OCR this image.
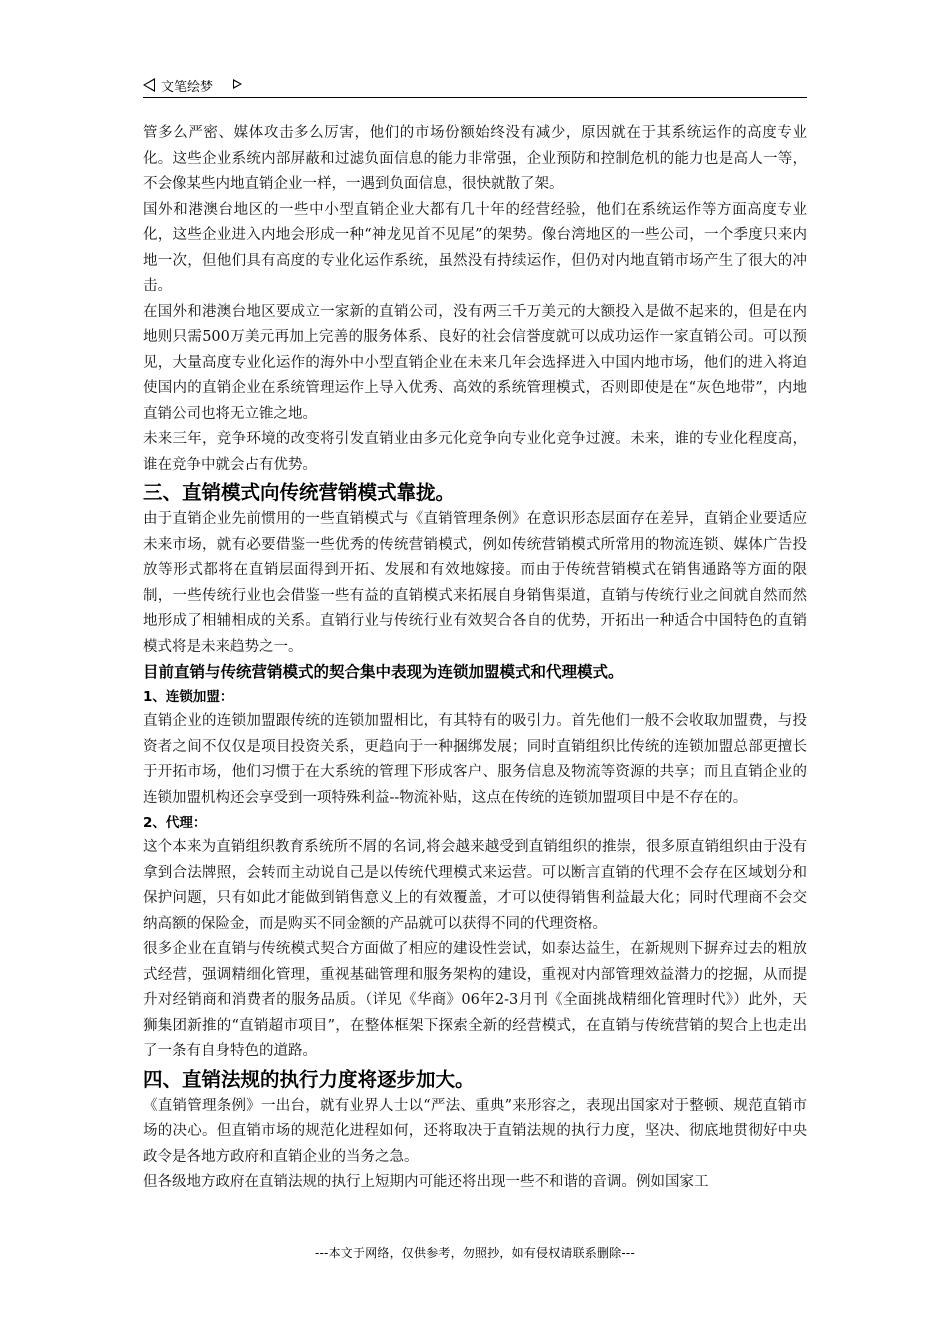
文笔绘梦

管多么严密、媒体攻击多么厉害，他们的市场份额始终没有减少，原因就在于其系统运作的高度专业化。这些企业系统内部屏蔽和过滤负面信息的能力非常强，企业预防和控制危机的能力也是高人一等，不会像某些内地直销企业一样，一遇到负面信息，很快就散了架。

国外和港澳台地区的一些中小型直销企业大都有几十年的经营经验，他们在系统运作等方面高度专业化，这些企业进入内地会形成一种“神龙见首不见尾”的架势。像台湾地区的一些公司，一个季度只来内地一次，但他们具有高度的专业化运作系统，虽然没有持续运作，但仍对内地直销市场产生了很大的冲击。

在国外和港澳台地区要成立一家新的直销公司，没有两三千万美元的大额投入是做不起来的，但是在内地则只需500万美元再加上完善的服务体系、良好的社会信誉度就可以成功运作一家直销公司。可以预见，大量高度专业化运作的海外中小型直销企业在未来几年会选择进入中国内地市场，他们的进入将迫使国内的直销企业在系统管理运作上导入优秀、高效的系统管理模式，否则即使是在“灰色地带”，内地直销公司也将无立锥之地。

未来三年，竞争环境的改变将引发直销业由多元化竞争向专业化竞争过渡。未来，谁的专业化程度高，谁在竞争中就会占有优势。

三、直销模式向传统营销模式靠拢。

由于直销企业先前惯用的一些直销模式与《直销管理条例》在意识形态层面存在差异，直销企业要适应未来市场，就有必要借鉴一些优秀的传统营销模式，例如传统营销模式所常用的物流连锁、媒体广告投放等形式都将在直销层面得到开拓、发展和有效地嫁接。而由于传统营销模式在销售通路等方面的限制，一些传统行业也会借鉴一些有益的直销模式来拓展自身销售渠道，直销与传统行业之间就自然而然地形成了相辅相成的关系。直销行业与传统行业有效契合各自的优势，开拓出一种适合中国特色的直销模式将是未来趋势之一。

目前直销与传统营销模式的契合集中表现为连锁加盟模式和代理模式。

1、连锁加盟：

直销企业的连锁加盟跟传统的连锁加盟相比，有其特有的吸引力。首先他们一般不会收取加盟费，与投资者之间不仅仅是项目投资关系，更趋向于一种捆绑发展；同时直销组织比传统的连锁加盟总部更擅长于开拓市场，他们习惯于在大系统的管理下形成客户、服务信息及物流等资源的共享；而且直销企业的连锁加盟机构还会享受到一项特殊利益--物流补贴，这点在传统的连锁加盟项目中是不存在的。

2、代理：

这个本来为直销组织教育系统所不屑的名词,将会越来越受到直销组织的推崇，很多原直销组织由于没有拿到合法牌照，会转而主动说自己是以传统代理模式来运营。可以断言直销的代理不会存在区域划分和保护问题，只有如此才能做到销售意义上的有效覆盖，才可以使得销售利益最大化；同时代理商不会交纳高额的保险金，而是购买不同金额的产品就可以获得不同的代理资格。

很多企业在直销与传统模式契合方面做了相应的建设性尝试，如泰达益生，在新规则下摒弃过去的粗放式经营，强调精细化管理，重视基础管理和服务架构的建设，重视对内部管理效益潜力的挖掘，从而提升对经销商和消费者的服务品质。（详见《华商》06年2-3月刊《全面挑战精细化管理时代》）此外，天狮集团新推的“直销超市项目”，在整体框架下探索全新的经营模式，在直销与传统营销的契合上也走出了一条有自身特色的道路。

四、直销法规的执行力度将逐步加大。

《直销管理条例》一出台，就有业界人士以“严法、重典”来形容之，表现出国家对于整顿、规范直销市场的决心。但直销市场的规范化进程如何，还将取决于直销法规的执行力度，坚决、彻底地贯彻好中央政令是各地方政府和直销企业的当务之急。

但各级地方政府在直销法规的执行上短期内可能还将出现一些不和谐的音调。例如国家工

---本文于网络，仅供参考，勿照抄，如有侵权请联系删除---
